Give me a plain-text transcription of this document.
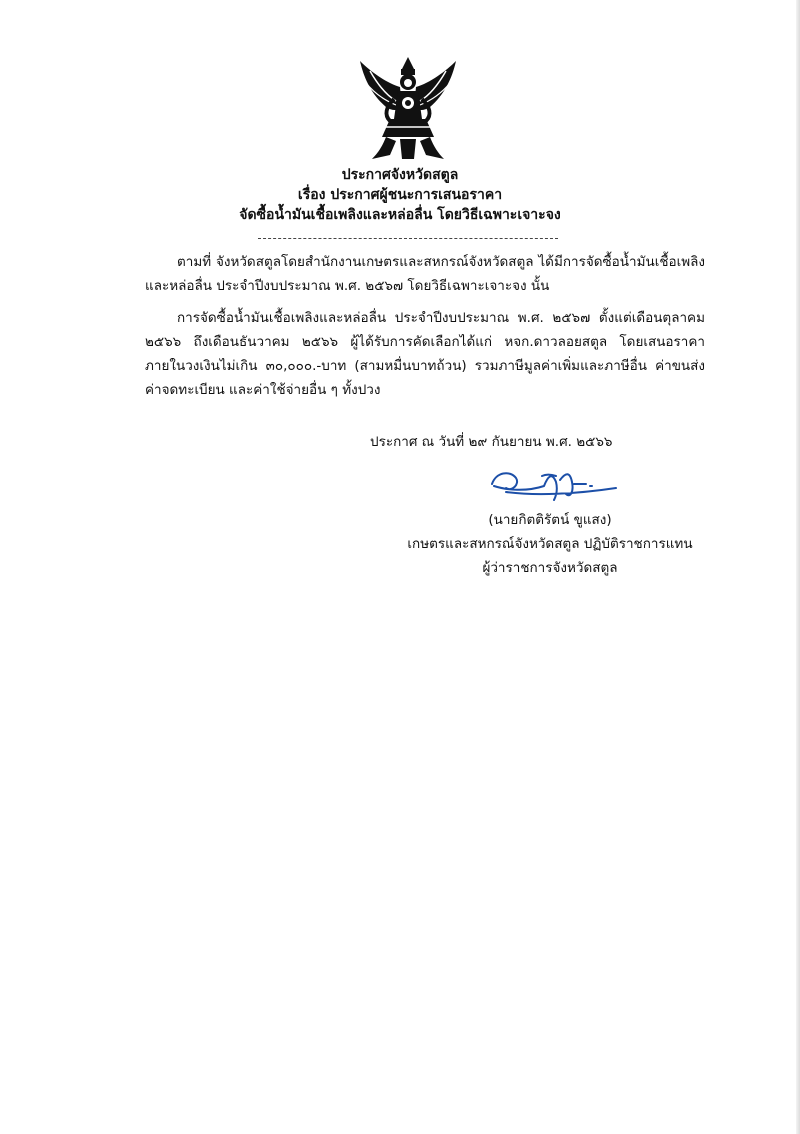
ประกาศจังหวัดสตูล
เรื่อง ประกาศผู้ชนะการเสนอราคา
จัดซื้อน้ำมันเชื้อเพลิงและหล่อลื่น โดยวิธีเฉพาะเจาะจง
ตามที่ จังหวัดสตูลโดยสำนักงานเกษตรและสหกรณ์จังหวัดสตูล ได้มีการจัดซื้อน้ำมันเชื้อเพลิงและหล่อลื่น ประจำปีงบประมาณ พ.ศ. ๒๕๖๗ โดยวิธีเฉพาะเจาะจง นั้น
การจัดซื้อน้ำมันเชื้อเพลิงและหล่อลื่น ประจำปีงบประมาณ พ.ศ. ๒๕๖๗ ตั้งแต่เดือนตุลาคม ๒๕๖๖ ถึงเดือนธันวาคม ๒๕๖๖ ผู้ได้รับการคัดเลือกได้แก่ หจก.ดาวลอยสตูล โดยเสนอราคา ภายในวงเงินไม่เกิน ๓๐,๐๐๐.-บาท (สามหมื่นบาทถ้วน) รวมภาษีมูลค่าเพิ่มและภาษีอื่น ค่าขนส่ง ค่าจดทะเบียน และค่าใช้จ่ายอื่น ๆ ทั้งปวง
ประกาศ ณ วันที่ ๒๙ กันยายน พ.ศ. ๒๕๖๖
(นายกิตติรัตน์ ขูแสง)
เกษตรและสหกรณ์จังหวัดสตูล ปฏิบัติราชการแทน
ผู้ว่าราชการจังหวัดสตูล
